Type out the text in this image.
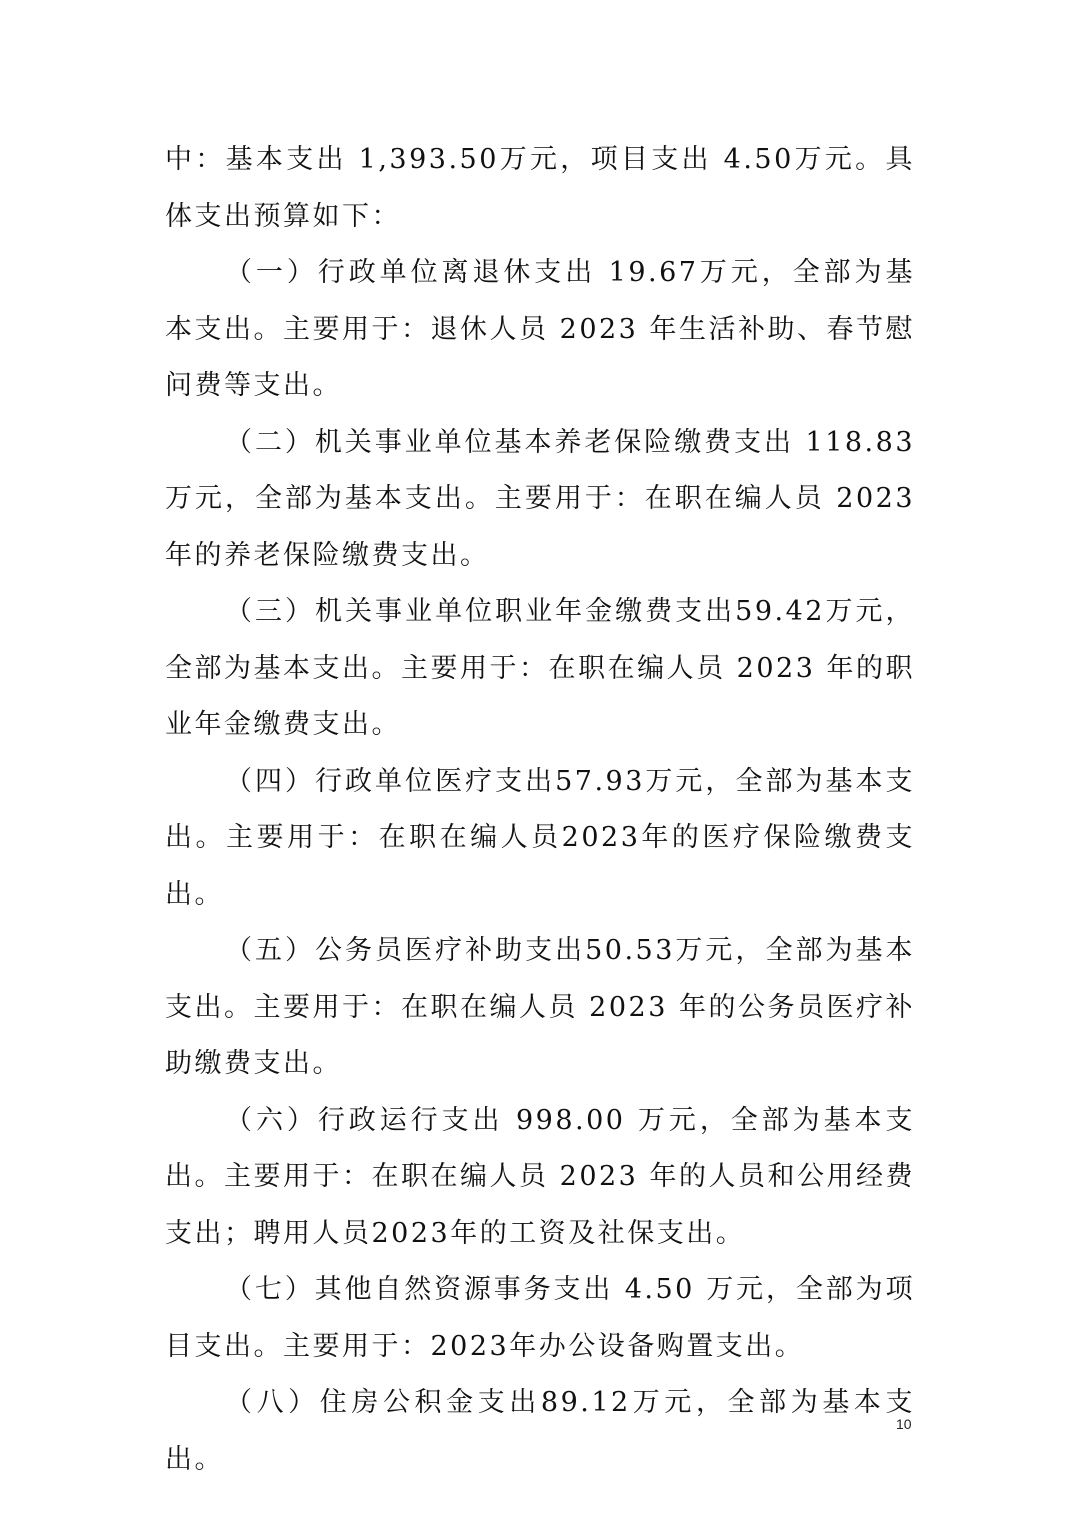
中：基本支出 1,393.50万元，项目支出 4.50万元。具体支出预算如下：

（一）行政单位离退休支出 19.67万元，全部为基本支出。主要用于：退休人员 2023 年生活补助、春节慰问费等支出。

（二）机关事业单位基本养老保险缴费支出 118.83 万元，全部为基本支出。主要用于：在职在编人员 2023 年的养老保险缴费支出。

（三）机关事业单位职业年金缴费支出59.42万元，全部为基本支出。主要用于：在职在编人员 2023 年的职业年金缴费支出。

（四）行政单位医疗支出57.93万元，全部为基本支出。主要用于：在职在编人员2023年的医疗保险缴费支出。

（五）公务员医疗补助支出50.53万元，全部为基本支出。主要用于：在职在编人员 2023 年的公务员医疗补助缴费支出。

（六）行政运行支出 998.00 万元，全部为基本支出。主要用于：在职在编人员 2023 年的人员和公用经费支出；聘用人员2023年的工资及社保支出。

（七）其他自然资源事务支出 4.50 万元，全部为项目支出。主要用于：2023年办公设备购置支出。

（八）住房公积金支出89.12万元，全部为基本支出。

10
